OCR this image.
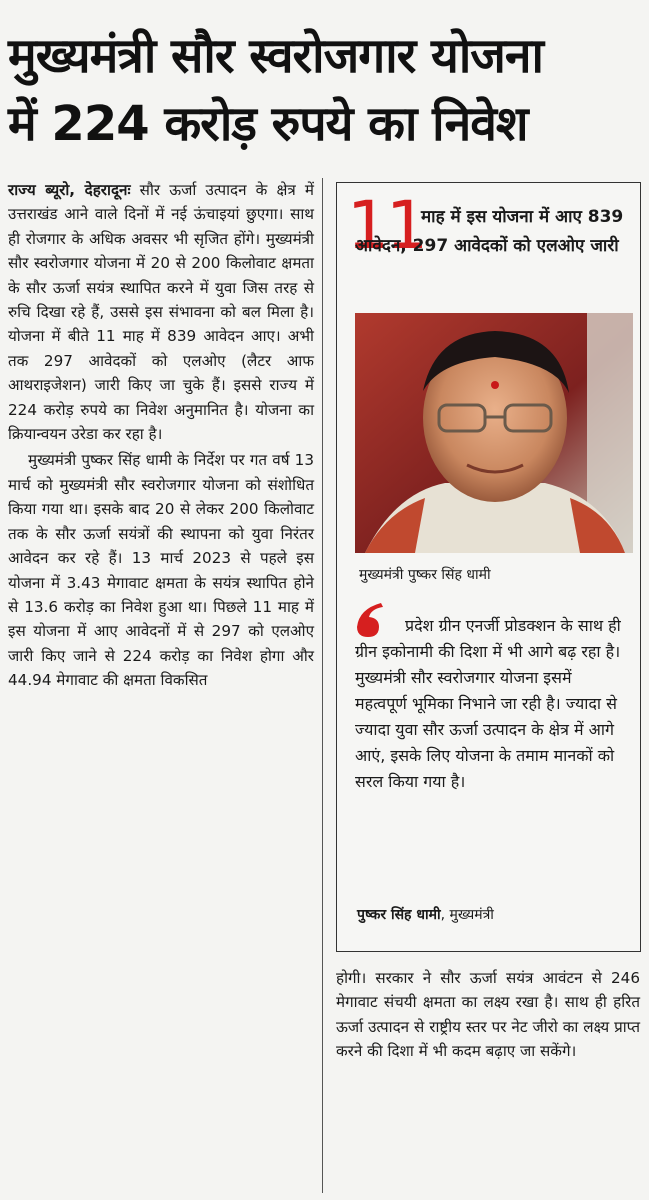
मुख्यमंत्री सौर स्वरोजगार योजना
में 224 करोड़ रुपये का निवेश

राज्य ब्यूरो, देहरादूनः सौर ऊर्जा उत्पादन के क्षेत्र में उत्तराखंड आने वाले दिनों में नई ऊंचाइयां छुएगा। साथ ही रोजगार के अधिक अवसर भी सृजित होंगे। मुख्यमंत्री सौर स्वरोजगार योजना में 20 से 200 किलोवाट क्षमता के सौर ऊर्जा सयंत्र स्थापित करने में युवा जिस तरह से रुचि दिखा रहे हैं, उससे इस संभावना को बल मिला है। योजना में बीते 11 माह में 839 आवेदन आए। अभी तक 297 आवेदकों को एलओए (लैटर आफ आथराइजेशन) जारी किए जा चुके हैं। इससे राज्य में 224 करोड़ रुपये का निवेश अनुमानित है। योजना का क्रियान्वयन उरेडा कर रहा है।

मुख्यमंत्री पुष्कर सिंह धामी के निर्देश पर गत वर्ष 13 मार्च को मुख्यमंत्री सौर स्वरोजगार योजना को संशोधित किया गया था। इसके बाद 20 से लेकर 200 किलोवाट तक के सौर ऊर्जा सयंत्रों की स्थापना को युवा निरंतर आवेदन कर रहे हैं। 13 मार्च 2023 से पहले इस योजना में 3.43 मेगावाट क्षमता के सयंत्र स्थापित होने से 13.6 करोड़ का निवेश हुआ था। पिछले 11 माह में इस योजना में आए आवेदनों में से 297 को एलओए जारी किए जाने से 224 करोड़ का निवेश होगा और 44.94 मेगावाट की क्षमता विकसित

11
माह में इस योजना में आए 839 आवेदन, 297 आवेदकों को एलओए जारी
मुख्यमंत्री पुष्कर सिंह धामी
प्रदेश ग्रीन एनर्जी प्रोडक्शन के साथ ही ग्रीन इकोनामी की दिशा में भी आगे बढ़ रहा है। मुख्यमंत्री सौर स्वरोजगार योजना इसमें महत्वपूर्ण भूमिका निभाने जा रही है। ज्यादा से ज्यादा युवा सौर ऊर्जा उत्पादन के क्षेत्र में आगे आएं, इसके लिए योजना के तमाम मानकों को सरल किया गया है।
पुष्कर सिंह धामी, मुख्यमंत्री

होगी। सरकार ने सौर ऊर्जा सयंत्र आवंटन से 246 मेगावाट संचयी क्षमता का लक्ष्य रखा है। साथ ही हरित ऊर्जा उत्पादन से राष्ट्रीय स्तर पर नेट जीरो का लक्ष्य प्राप्त करने की दिशा में भी कदम बढ़ाए जा सकेंगे।
